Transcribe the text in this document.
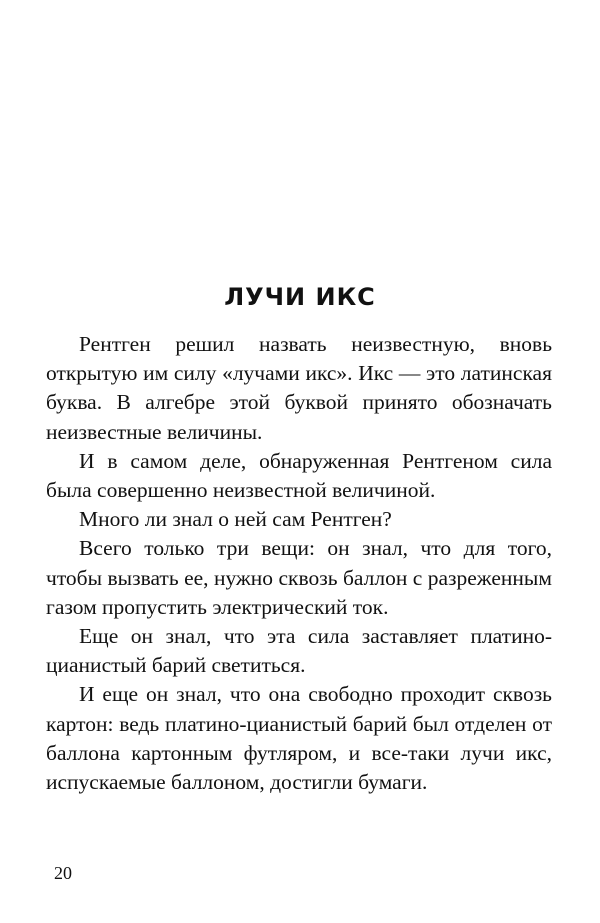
ЛУЧИ ИКС

Рентген решил назвать неизвестную, вновь открытую им силу «лучами икс». Икс — это латинская буква. В алгебре этой буквой принято обозначать неизвестные величины.

И в самом деле, обнаруженная Рентгеном сила была совершенно неизвестной величиной.

Много ли знал о ней сам Рентген?

Всего только три вещи: он знал, что для того, чтобы вызвать ее, нужно сквозь баллон с разреженным газом пропустить электрический ток.

Еще он знал, что эта сила заставляет платино-цианистый барий светиться.

И еще он знал, что она свободно проходит сквозь картон: ведь платино-цианистый барий был отделен от баллона картонным футляром, и все-таки лучи икс, испускаемые баллоном, достигли бумаги.

20
